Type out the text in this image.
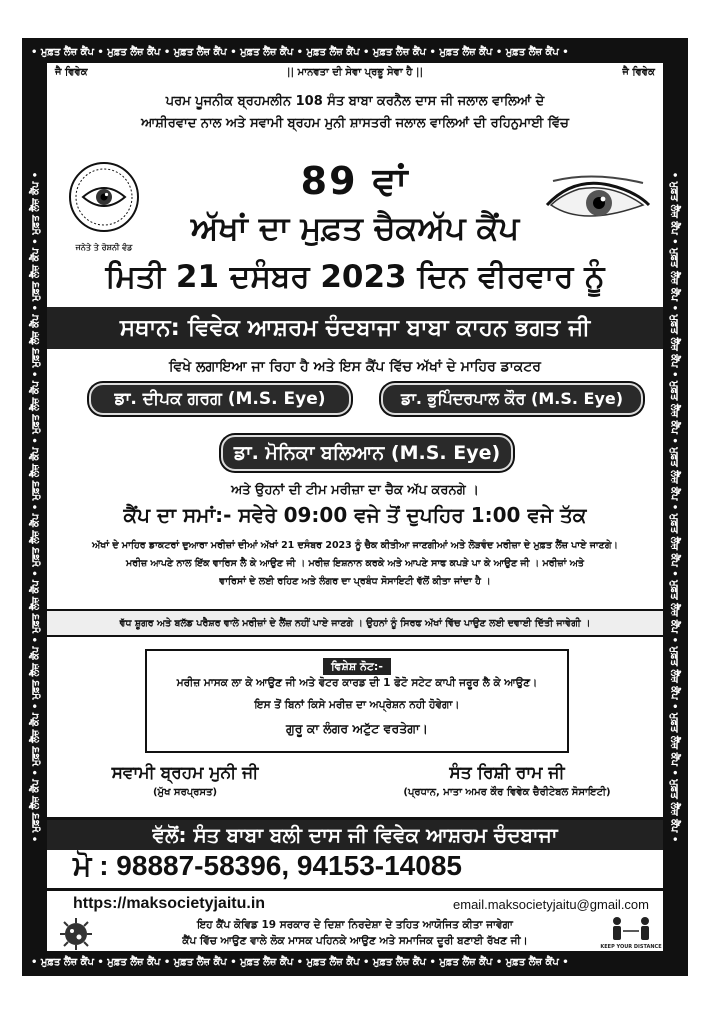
• ਮੁਫ਼ਤ ਲੈਂਜ਼ ਕੈਂਪ • ਮੁਫ਼ਤ ਲੈਂਜ਼ ਕੈਂਪ • ਮੁਫ਼ਤ ਲੈਂਜ਼ ਕੈਂਪ • ਮੁਫ਼ਤ ਲੈਂਜ਼ ਕੈਂਪ • ਮੁਫ਼ਤ ਲੈਂਜ਼ ਕੈਂਪ • ਮੁਫ਼ਤ ਲੈਂਜ਼ ਕੈਂਪ • ਮੁਫ਼ਤ ਲੈਂਜ਼ ਕੈਂਪ • ਮੁਫ਼ਤ ਲੈਂਜ਼ ਕੈਂਪ •
• ਮੁਫ਼ਤ ਲੈਂਜ਼ ਕੈਂਪ • ਮੁਫ਼ਤ ਲੈਂਜ਼ ਕੈਂਪ • ਮੁਫ਼ਤ ਲੈਂਜ਼ ਕੈਂਪ • ਮੁਫ਼ਤ ਲੈਂਜ਼ ਕੈਂਪ • ਮੁਫ਼ਤ ਲੈਂਜ਼ ਕੈਂਪ • ਮੁਫ਼ਤ ਲੈਂਜ਼ ਕੈਂਪ • ਮੁਫ਼ਤ ਲੈਂਜ਼ ਕੈਂਪ • ਮੁਫ਼ਤ ਲੈਂਜ਼ ਕੈਂਪ •
• ਮੁਫ਼ਤ ਲੈਂਜ਼ ਕੈਂਪ • ਮੁਫ਼ਤ ਲੈਂਜ਼ ਕੈਂਪ • ਮੁਫ਼ਤ ਲੈਂਜ਼ ਕੈਂਪ • ਮੁਫ਼ਤ ਲੈਂਜ਼ ਕੈਂਪ • ਮੁਫ਼ਤ ਲੈਂਜ਼ ਕੈਂਪ • ਮੁਫ਼ਤ ਲੈਂਜ਼ ਕੈਂਪ • ਮੁਫ਼ਤ ਲੈਂਜ਼ ਕੈਂਪ • ਮੁਫ਼ਤ ਲੈਂਜ਼ ਕੈਂਪ • ਮੁਫ਼ਤ ਲੈਂਜ਼ ਕੈਂਪ • ਮੁਫ਼ਤ ਲੈਂਜ਼ ਕੈਂਪ •	• ਮੁਫ਼ਤ ਲੈਂਜ਼ ਕੈਂਪ • ਮੁਫ਼ਤ ਲੈਂਜ਼ ਕੈਂਪ • ਮੁਫ਼ਤ ਲੈਂਜ਼ ਕੈਂਪ • ਮੁਫ਼ਤ ਲੈਂਜ਼ ਕੈਂਪ • ਮੁਫ਼ਤ ਲੈਂਜ਼ ਕੈਂਪ • ਮੁਫ਼ਤ ਲੈਂਜ਼ ਕੈਂਪ • ਮੁਫ਼ਤ ਲੈਂਜ਼ ਕੈਂਪ • ਮੁਫ਼ਤ ਲੈਂਜ਼ ਕੈਂਪ • ਮੁਫ਼ਤ ਲੈਂਜ਼ ਕੈਂਪ • ਮੁਫ਼ਤ ਲੈਂਜ਼ ਕੈਂਪ •
ਜੈ ਵਿਵੇਕ	|| ਮਾਨਵਤਾ ਦੀ ਸੇਵਾ ਪ੍ਰਭੂ ਸੇਵਾ ਹੈ ||	ਜੈ ਵਿਵੇਕ
ਪਰਮ ਪੂਜਨੀਕ ਬ੍ਰਹਮਲੀਨ 108 ਸੰਤ ਬਾਬਾ ਕਰਨੈਲ ਦਾਸ ਜੀ ਜਲਾਲ ਵਾਲਿਆਂ ਦੇ
ਆਸ਼ੀਰਵਾਦ ਨਾਲ ਅਤੇ ਸਵਾਮੀ ਬ੍ਰਹਮ ਮੁਨੀ ਸ਼ਾਸਤਰੀ ਜਲਾਲ ਵਾਲਿਆਂ ਦੀ ਰਹਿਨੁਮਾਈ ਵਿੱਚ
ਜਨੇਤੇ ਤੇ ਰੋਸ਼ਨੀ ਵੰਡ
89 ਵਾਂ
ਅੱਖਾਂ ਦਾ ਮੁਫ਼ਤ ਚੈਕਅੱਪ ਕੈਂਪ
ਮਿਤੀ 21 ਦਸੰਬਰ 2023 ਦਿਨ ਵੀਰਵਾਰ ਨੂੰ
ਸਥਾਨ: ਵਿਵੇਕ ਆਸ਼ਰਮ ਚੰਦਬਾਜਾ ਬਾਬਾ ਕਾਹਨ ਭਗਤ ਜੀ
ਵਿਖੇ ਲਗਾਇਆ ਜਾ ਰਿਹਾ ਹੈ ਅਤੇ ਇਸ ਕੈਂਪ ਵਿੱਚ ਅੱਖਾਂ ਦੇ ਮਾਹਿਰ ਡਾਕਟਰ
ਡਾ. ਦੀਪਕ ਗਰਗ (M.S. Eye)	ਡਾ. ਭੁਪਿੰਦਰਪਾਲ ਕੌਰ (M.S. Eye)
ਡਾ. ਮੋਨਿਕਾ ਬਲਿਆਨ (M.S. Eye)
ਅਤੇ ਉਹਨਾਂ ਦੀ ਟੀਮ ਮਰੀਜ਼ਾ ਦਾ ਚੈਕ ਅੱਪ ਕਰਨਗੇ ।
ਕੈਂਪ ਦਾ ਸਮਾਂ:- ਸਵੇਰੇ 09:00 ਵਜੇ ਤੋਂ ਦੁਪਹਿਰ 1:00 ਵਜੇ ਤੱਕ
ਅੱਖਾਂ ਦੇ ਮਾਹਿਰ ਡਾਕਟਰਾਂ ਦੁਆਰਾ ਮਰੀਜ਼ਾਂ ਦੀਆਂ ਅੱਖਾਂ 21 ਦਸੰਬਰ 2023 ਨੂੰ ਚੈਕ ਕੀਤੀਆ ਜਾਣਗੀਆਂ ਅਤੇ ਲੋੜਵੰਦ ਮਰੀਜ਼ਾ ਦੇ ਮੁਫ਼ਤ ਲੈਂਜ਼ ਪਾਏ ਜਾਣਗੇ।
ਮਰੀਜ਼ ਆਪਣੇ ਨਾਲ ਇੱਕ ਵਾਰਿਸ ਲੈ ਕੇ ਆਉਣ ਜੀ । ਮਰੀਜ਼ ਇਸ਼ਨਾਨ ਕਰਕੇ ਅਤੇ ਆਪਣੇ ਸਾਫ ਕਪੜੇ ਪਾ ਕੇ ਆਉਣ ਜੀ । ਮਰੀਜ਼ਾਂ ਅਤੇ
ਵਾਰਿਸਾਂ ਦੇ ਲਈ ਰਹਿਣ ਅਤੇ ਲੰਗਰ ਦਾ ਪ੍ਰਬੰਧ ਸੋਸਾਇਟੀ ਵੱਲੋਂ ਕੀਤਾ ਜਾਂਦਾ ਹੈ ।
ਵੱਧ ਸ਼ੂਗਰ ਅਤੇ ਬਲੱਡ ਪਰੈਸ਼ਰ ਵਾਲੇ ਮਰੀਜ਼ਾਂ ਦੇ ਲੈਂਜ਼ ਨਹੀਂ ਪਾਏ ਜਾਣਗੇ । ਉਹਨਾਂ ਨੂੰ ਸਿਰਫ ਅੱਖਾਂ ਵਿੱਚ ਪਾਉਣ ਲਈ ਦਵਾਈ ਦਿੱਤੀ ਜਾਵੇਗੀ ।
ਵਿਸ਼ੇਸ਼ ਨੋਟ:-
ਮਰੀਜ਼ ਮਾਸਕ ਲਾ ਕੇ ਆਉਣ ਜੀ ਅਤੇ ਵੋਟਰ ਕਾਰਡ ਦੀ 1 ਫੋਟੋ ਸਟੇਟ ਕਾਪੀ ਜਰੂਰ ਲੈ ਕੇ ਆਉਣ।
ਇਸ ਤੋਂ ਬਿਨਾਂ ਕਿਸੇ ਮਰੀਜ਼ ਦਾ ਅਪ੍ਰੇਸ਼ਨ ਨਹੀ ਹੋਵੇਗਾ।
ਗੁਰੂ ਕਾ ਲੰਗਰ ਅਟੁੱਟ ਵਰਤੇਗਾ।
ਸਵਾਮੀ ਬ੍ਰਹਮ ਮੁਨੀ ਜੀ
(ਮੁੱਖ ਸਰਪ੍ਰਸਤ)
ਸੰਤ ਰਿਸ਼ੀ ਰਾਮ ਜੀ
(ਪ੍ਰਧਾਨ, ਮਾਤਾ ਅਮਰ ਕੌਰ ਵਿਵੇਕ ਚੈਰੀਟੇਬਲ ਸੋਸਾਇਟੀ)
ਵੱਲੋਂ: ਸੰਤ ਬਾਬਾ ਬਲੀ ਦਾਸ ਜੀ ਵਿਵੇਕ ਆਸ਼ਰਮ ਚੰਦਬਾਜਾ
ਮੋ : 98887-58396, 94153-14085
https://maksocietyjaitu.in	email.maksocietyjaitu@gmail.com
ਇਹ ਕੈਂਪ ਕੋਵਿਡ 19 ਸਰਕਾਰ ਦੇ ਦਿਸ਼ਾ ਨਿਰਦੇਸ਼ਾ ਦੇ ਤਹਿਤ ਆਯੋਜਿਤ ਕੀਤਾ ਜਾਵੇਗਾ
ਕੈਂਪ ਵਿੱਚ ਆਉਣ ਵਾਲੇ ਲੋਕ ਮਾਸਕ ਪਹਿਨਕੇ ਆਉਣ ਅਤੇ ਸਮਾਜਿਕ ਦੂਰੀ ਬਣਾਈ ਰੱਖਣ ਜੀ।	KEEP YOUR DISTANCE
